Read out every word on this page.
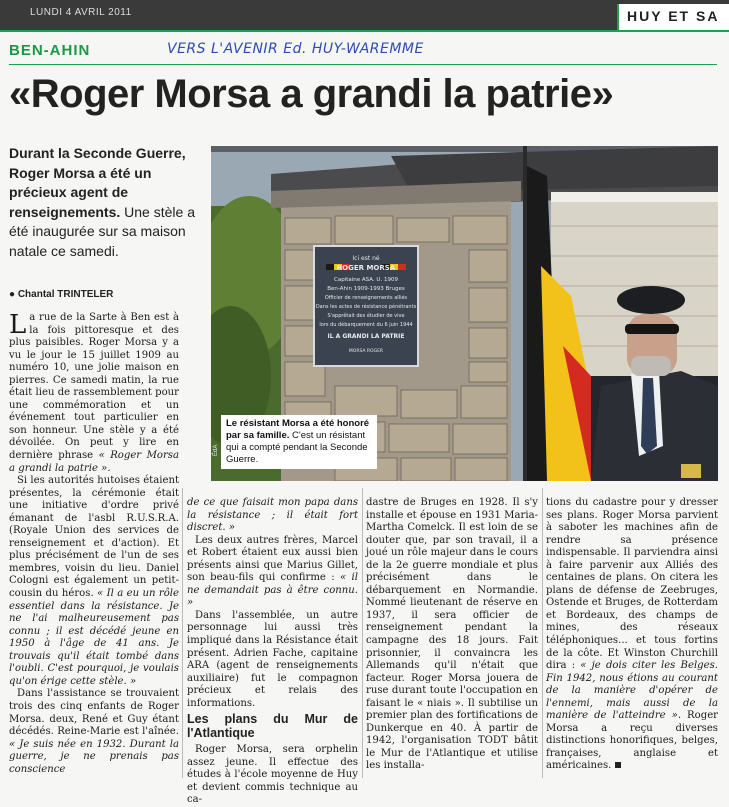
LUNDI 4 AVRIL 2011	HUY ET SA
BEN-AHIN	VERS L'AVENIR Ed. HUY-WAREMME
«Roger Morsa a grandi la patrie»
Durant la Seconde Guerre, Roger Morsa a été un précieux agent de renseignements. Une stèle a été inaugurée sur sa maison natale ce samedi.
● Chantal TRINTELER
Ici est né
ROGER MORSA
Capitaine ASA. U. 1909
Ben-Ahin 1909-1993 Bruges
Officier de renseignements alliés
Dans les actes de résistance pénétrants
S'apprêtait des étudier de vive
lors du débarquement du 6 juin 1944
IL A GRANDI LA PATRIE
MORSA ROGER
ÉdA
Le résistant Morsa a été honoré par sa famille. C'est un résistant qui a compté pendant la Seconde Guerre.

La rue de la Sarte à Ben est à la fois pittoresque et des plus paisibles. Roger Morsa y a vu le jour le 15 juillet 1909 au numéro 10, une jolie maison en pierres. Ce samedi matin, la rue était lieu de rassemblement pour une commémoration et un événement tout particulier en son honneur. Une stèle y a été dévoilée. On peut y lire en dernière phrase « Roger Morsa a grandi la patrie ».

Si les autorités hutoises étaient présentes, la cérémonie était une initiative d'ordre privé émanant de l'asbl R.U.S.R.A. (Royale Union des services de renseignement et d'action). Et plus précisément de l'un de ses membres, voisin du lieu. Daniel Cologni est également un petit-cousin du héros. « Il a eu un rôle essentiel dans la résistance. Je ne l'ai malheureusement pas connu ; il est décédé jeune en 1950 à l'âge de 41 ans. Je trouvais qu'il était tombé dans l'oubli. C'est pourquoi, je voulais qu'on érige cette stèle. »

Dans l'assistance se trouvaient trois des cinq enfants de Roger Morsa. deux, René et Guy étant décédés. Reine-Marie est l'aînée. « Je suis née en 1932. Durant la guerre, je ne prenais pas conscience

de ce que faisait mon papa dans la résistance ; il était fort discret. »

Les deux autres frères, Marcel et Robert étaient eux aussi bien présents ainsi que Marius Gillet, son beau-fils qui confirme : « il ne demandait pas à être connu. »

Dans l'assemblée, un autre personnage lui aussi très impliqué dans la Résistance était présent. Adrien Fache, capitaine ARA (agent de renseignements auxiliaire) fut le compagnon précieux et relais des informations.

Les plans du Mur de l'Atlantique

Roger Morsa, sera orphelin assez jeune. Il effectue des études à l'école moyenne de Huy et devient commis technique au ca-

dastre de Bruges en 1928. Il s'y installe et épouse en 1931 Maria-Martha Comelck. Il est loin de se douter que, par son travail, il a joué un rôle majeur dans le cours de la 2e guerre mondiale et plus précisément dans le débarquement en Normandie. Nommé lieutenant de réserve en 1937, il sera officier de renseignement pendant la campagne des 18 jours. Fait prisonnier, il convaincra les Allemands qu'il n'était que facteur. Roger Morsa jouera de ruse durant toute l'occupation en faisant le « niais ». Il subtilise un premier plan des fortifications de Dunkerque en 40. À partir de 1942, l'organisation TODT bâtit le Mur de l'Atlantique et utilise les installa-

tions du cadastre pour y dresser ses plans. Roger Morsa parvient à saboter les machines afin de rendre sa présence indispensable. Il parviendra ainsi à faire parvenir aux Alliés des centaines de plans. On citera les plans de défense de Zeebruges, Ostende et Bruges, de Rotterdam et Bordeaux, des champs de mines, des réseaux téléphoniques... et tous fortins de la côte. Et Winston Churchill dira : « je dois citer les Belges. Fin 1942, nous étions au courant de la manière d'opérer de l'ennemi, mais aussi de la manière de l'atteindre ». Roger Morsa a reçu diverses distinctions honorifiques, belges, françaises, anglaise et américaines.
